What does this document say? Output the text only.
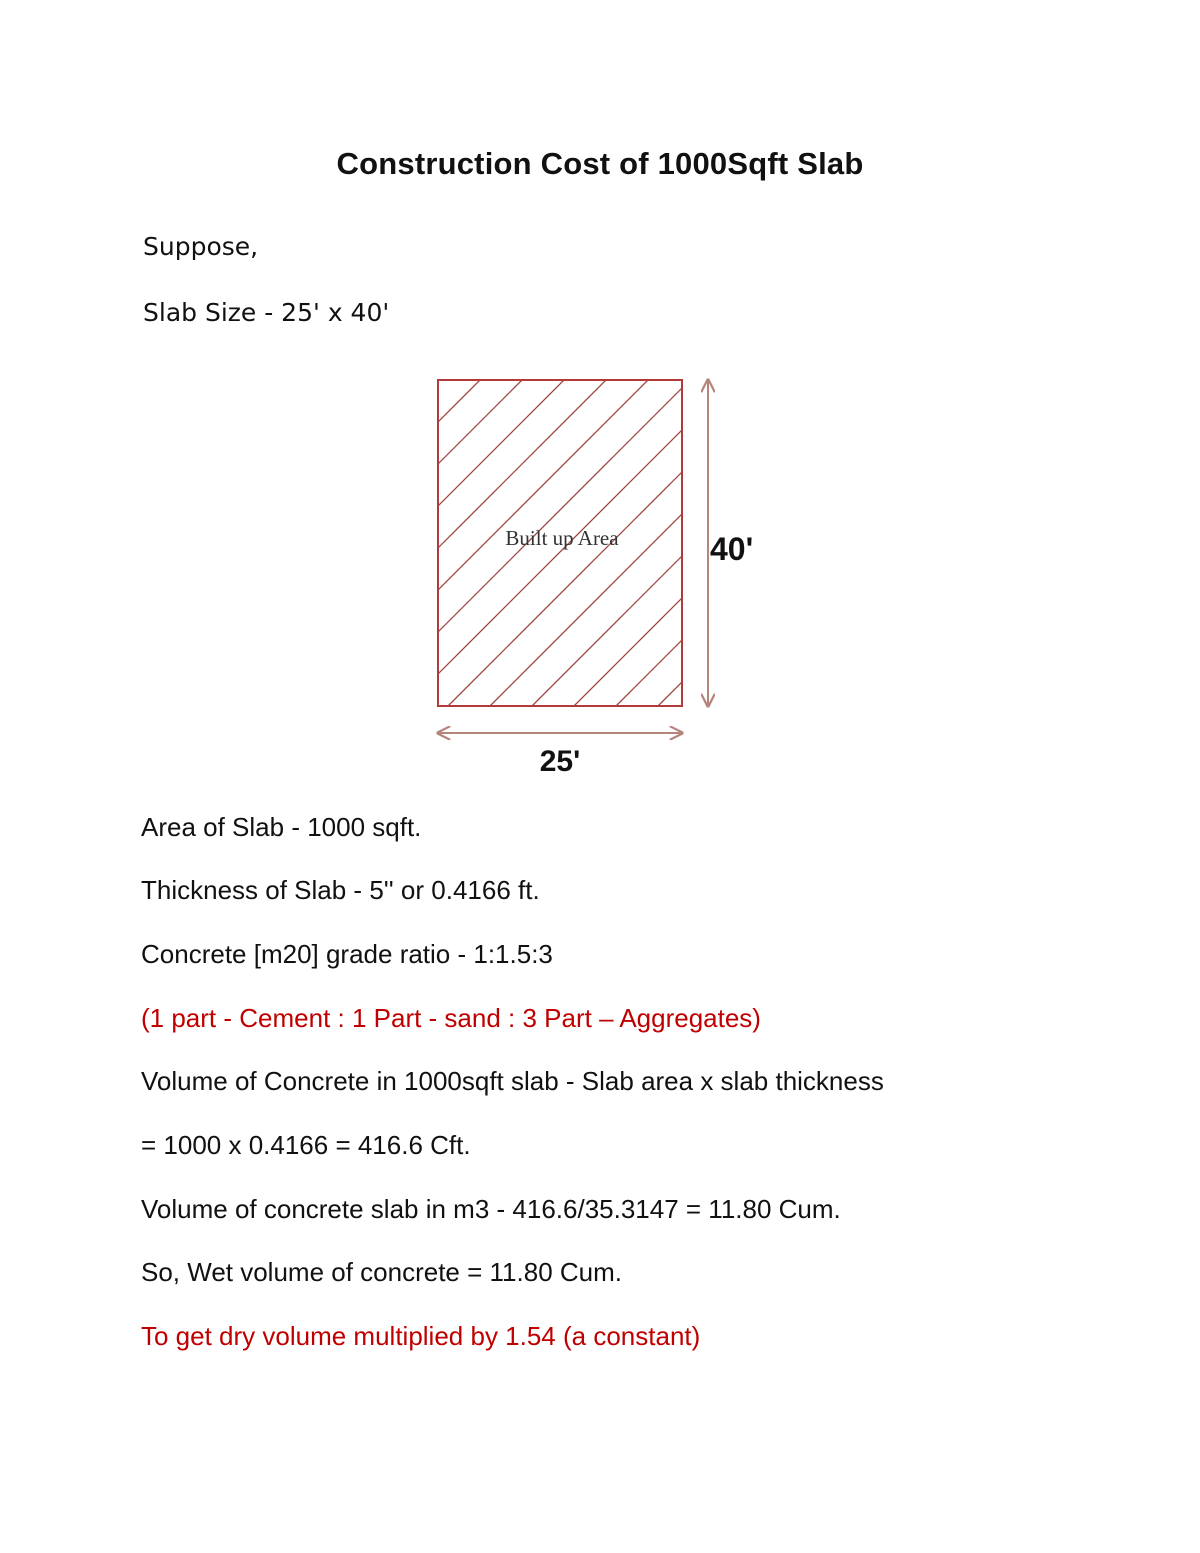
Construction Cost of 1000Sqft Slab
Suppose,
Slab Size - 25' x 40'
Built up Area	40'
25'
Area of Slab - 1000 sqft.
Thickness of Slab - 5'' or 0.4166 ft.
Concrete [m20] grade ratio - 1:1.5:3
(1 part - Cement : 1 Part - sand : 3 Part – Aggregates)
Volume of Concrete in 1000sqft slab - Slab area x slab thickness
= 1000 x 0.4166 = 416.6 Cft.
Volume of concrete slab in m3 - 416.6/35.3147 = 11.80 Cum.
So, Wet volume of concrete = 11.80 Cum.
To get dry volume multiplied by 1.54 (a constant)
